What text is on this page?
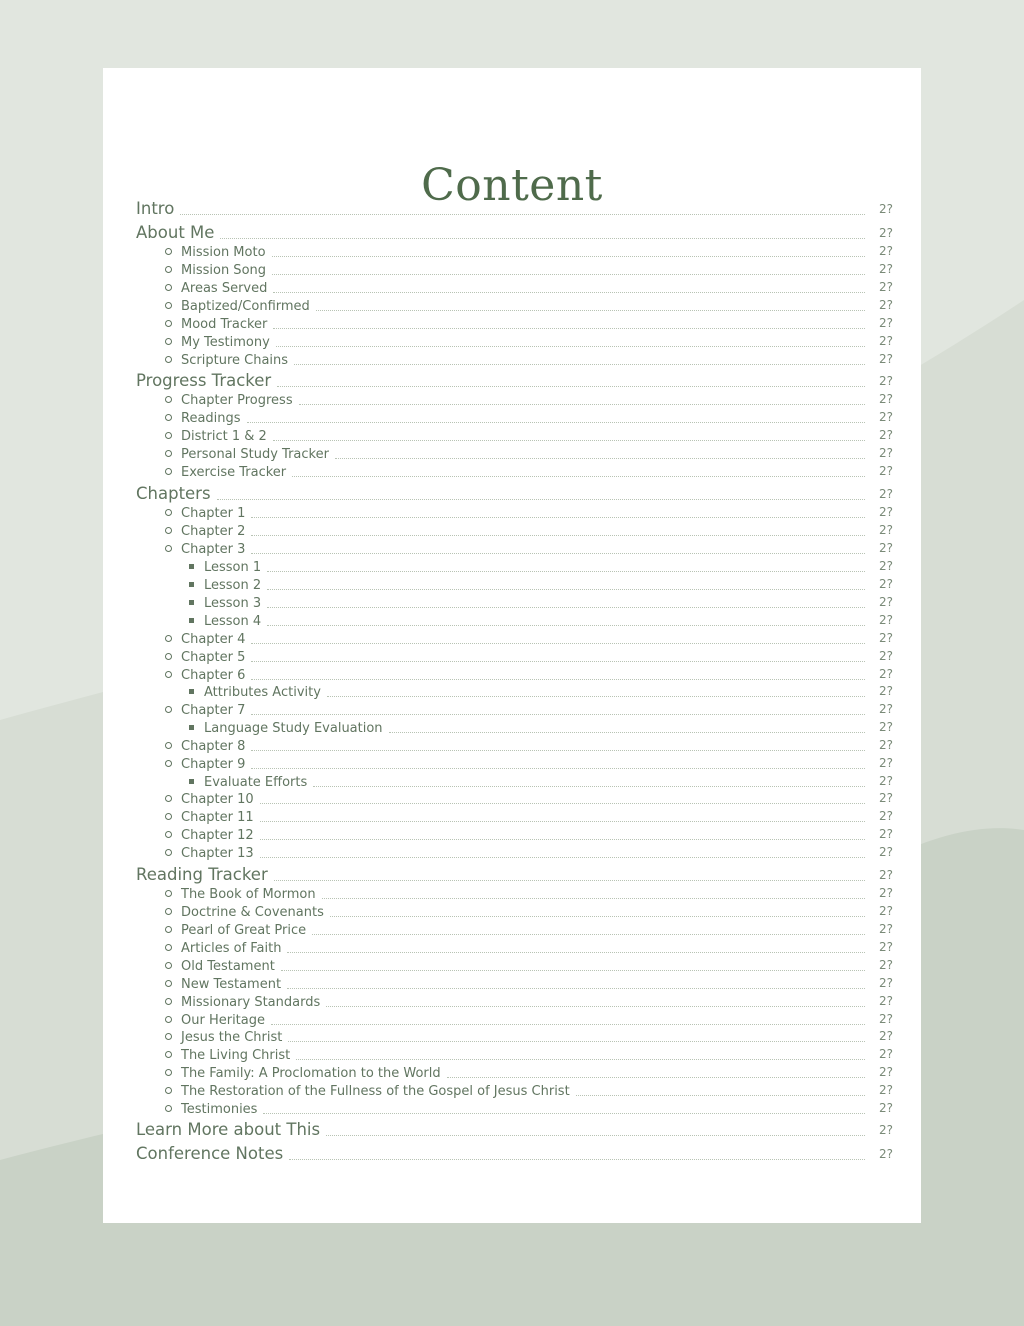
Content
Intro	2?
About Me	2?
Mission Moto	2?
Mission Song	2?
Areas Served	2?
Baptized/Confirmed	2?
Mood Tracker	2?
My Testimony	2?
Scripture Chains	2?
Progress Tracker	2?
Chapter Progress	2?
Readings	2?
District 1 & 2	2?
Personal Study Tracker	2?
Exercise Tracker	2?
Chapters	2?
Chapter 1	2?
Chapter 2	2?
Chapter 3	2?
Lesson 1	2?
Lesson 2	2?
Lesson 3	2?
Lesson 4	2?
Chapter 4	2?
Chapter 5	2?
Chapter 6	2?
Attributes Activity	2?
Chapter 7	2?
Language Study Evaluation	2?
Chapter 8	2?
Chapter 9	2?
Evaluate Efforts	2?
Chapter 10	2?
Chapter 11	2?
Chapter 12	2?
Chapter 13	2?
Reading Tracker	2?
The Book of Mormon	2?
Doctrine & Covenants	2?
Pearl of Great Price	2?
Articles of Faith	2?
Old Testament	2?
New Testament	2?
Missionary Standards	2?
Our Heritage	2?
Jesus the Christ	2?
The Living Christ	2?
The Family: A Proclomation to the World	2?
The Restoration of the Fullness of the Gospel of Jesus Christ	2?
Testimonies	2?
Learn More about This	2?
Conference Notes	2?
